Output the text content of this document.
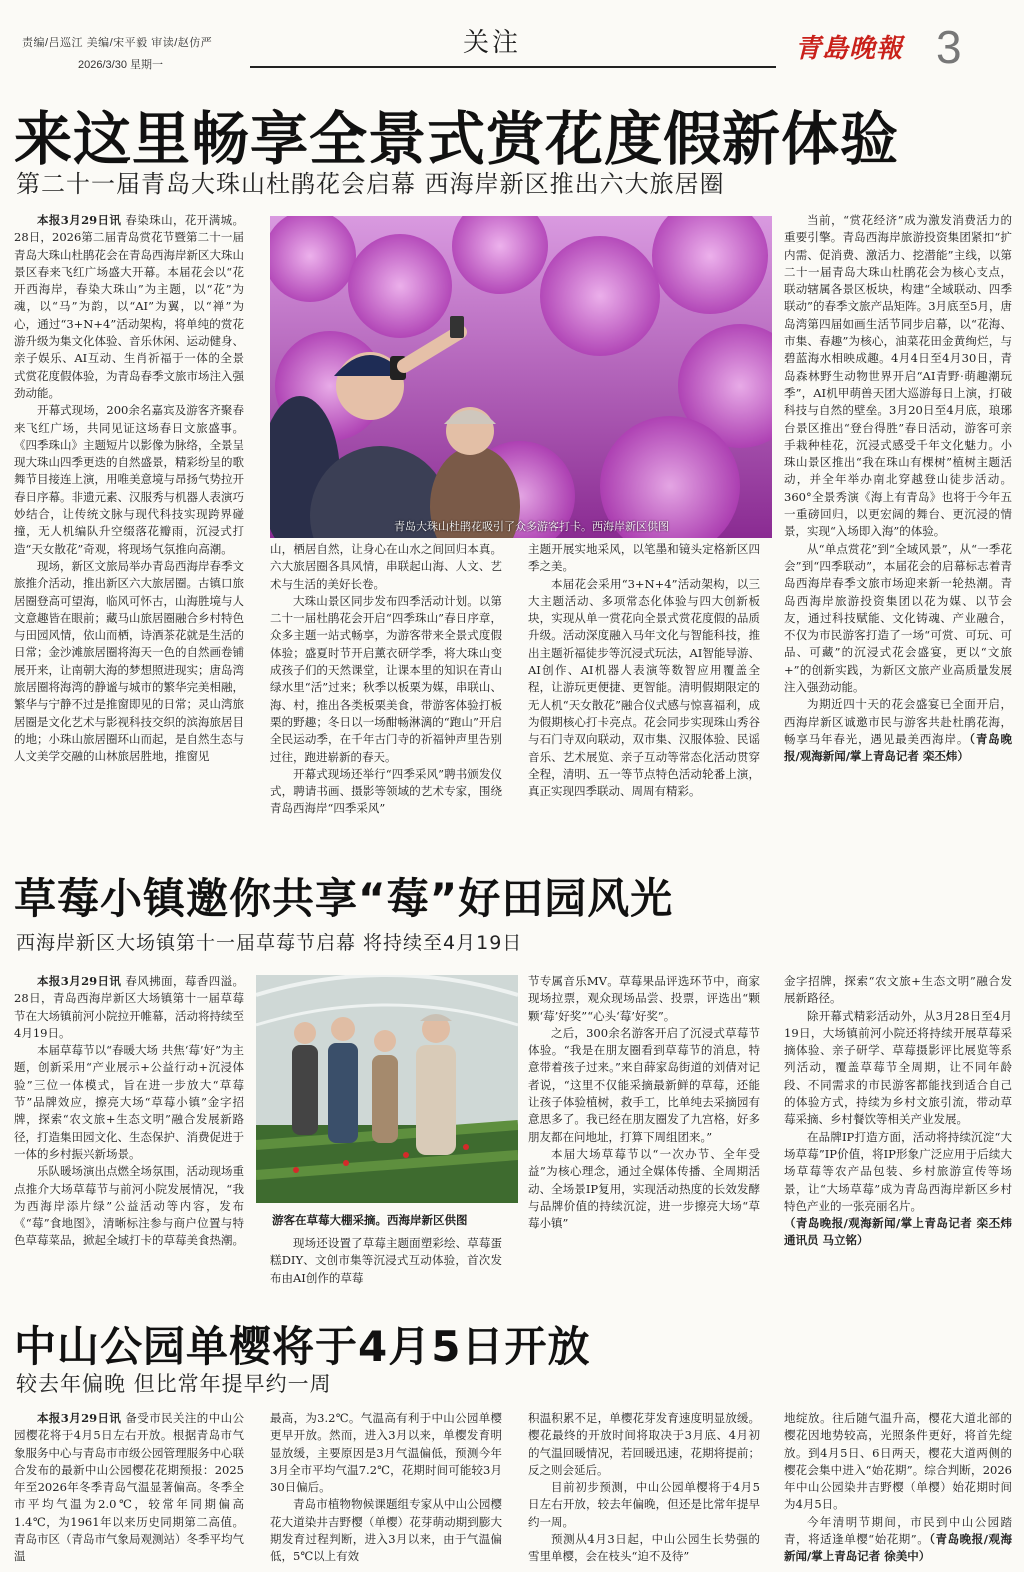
责编/吕巡江 美编/宋平毅 审读/赵仿严
2026/3/30 星期一
关注	青島晚報 3
来这里畅享全景式赏花度假新体验
第二十一届青岛大珠山杜鹃花会启幕 西海岸新区推出六大旅居圈

本报3月29日讯 春染珠山，花开满城。28日，2026第二届青岛赏花节暨第二十一届青岛大珠山杜鹃花会在青岛西海岸新区大珠山景区春来飞红广场盛大开幕。本届花会以“花开西海岸，春染大珠山”为主题，以“花”为魂，以“马”为韵，以“AI”为翼，以“禅”为心，通过“3+N+4”活动架构，将单纯的赏花游升级为集文化体验、音乐休闲、运动健身、亲子娱乐、AI互动、生肖祈福于一体的全景式赏花度假体验，为青岛春季文旅市场注入强劲动能。

开幕式现场，200余名嘉宾及游客齐聚春来飞红广场，共同见证这场春日文旅盛事。《四季珠山》主题短片以影像为脉络，全景呈现大珠山四季更迭的自然盛景，精彩纷呈的歌舞节目接连上演，用唯美意境与昂扬气势拉开春日序幕。非遗元素、汉服秀与机器人表演巧妙结合，让传统文脉与现代科技实现跨界碰撞，无人机编队升空缀落花瓣雨，沉浸式打造“天女散花”奇观，将现场气氛推向高潮。

现场，新区文旅局举办青岛西海岸春季文旅推介活动，推出新区六大旅居圈。古镇口旅居圈登高可望海，临风可怀古，山海胜境与人文意趣皆在眼前；藏马山旅居圈融合乡村特色与田园风情，依山而栖，诗酒茶花就是生活的日常；金沙滩旅居圈将海天一色的自然画卷铺展开来，让南朝大海的梦想照进现实；唐岛湾旅居圈将海湾的静谧与城市的繁华完美相融，繁华与宁静不过是推窗即见的日常；灵山湾旅居圈是文化艺术与影视科技交织的滨海旅居目的地；小珠山旅居圈环山而起，是自然生态与人文美学交融的山林旅居胜地，推窗见

青岛大珠山杜鹃花吸引了众多游客打卡。西海岸新区供图

山，栖居自然，让身心在山水之间回归本真。六大旅居圈各具风情，串联起山海、人文、艺术与生活的美好长卷。

大珠山景区同步发布四季活动计划。以第二十一届杜鹃花会开启“四季珠山”春日序章，众多主题一站式畅享，为游客带来全景式度假体验；盛夏时节开启薰衣研学季，将大珠山变成孩子们的天然课堂，让课本里的知识在青山绿水里“活”过来；秋季以板栗为媒，串联山、海、村，推出各类板栗美食，带游客体验打板栗的野趣；冬日以一场酣畅淋漓的“跑山”开启全民运动季，在千年古门寺的祈福钟声里告别过往，跑进崭新的春天。

开幕式现场还举行“四季采风”聘书颁发仪式，聘请书画、摄影等领域的艺术专家，围绕青岛西海岸“四季采风”

主题开展实地采风，以笔墨和镜头定格新区四季之美。

本届花会采用“3+N+4”活动架构，以三大主题活动、多项常态化体验与四大创新板块，实现从单一赏花向全景式赏花度假的品质升级。活动深度融入马年文化与智能科技，推出主题祈福徒步等沉浸式玩法，AI智能导游、AI创作、AI机器人表演等数智应用覆盖全程，让游玩更便捷、更智能。清明假期限定的无人机“天女散花”融合仪式感与惊喜福利，成为假期核心打卡亮点。花会同步实现珠山秀谷与石门寺双向联动，双市集、汉服体验、民谣音乐、艺术展览、亲子互动等常态化活动贯穿全程，清明、五一等节点特色活动轮番上演，真正实现四季联动、周周有精彩。

当前，“赏花经济”成为激发消费活力的重要引擎。青岛西海岸旅游投资集团紧扣“扩内需、促消费、激活力、挖潜能”主线，以第二十一届青岛大珠山杜鹃花会为核心支点，联动辖属各景区板块，构建“全域联动、四季联动”的春季文旅产品矩阵。3月底至5月，唐岛湾第四届如画生活节同步启幕，以“花海、市集、春趣”为核心，油菜花田金黄绚烂，与碧蓝海水相映成趣。4月4日至4月30日，青岛森林野生动物世界开启“AI青野·萌趣潮玩季”，AI机甲萌兽天团大巡游每日上演，打破科技与自然的壁垒。3月20日至4月底，琅琊台景区推出“登台得胜”春日活动，游客可亲手栽种桂花，沉浸式感受千年文化魅力。小珠山景区推出“我在珠山有棵树”植树主题活动，并全年举办南北穿越登山徒步活动。360°全景秀演《海上有青岛》也将于今年五一重磅回归，以更宏阔的舞台、更沉浸的情景，实现“入场即入海”的体验。

从“单点赏花”到“全域风景”，从“一季花会”到“四季联动”，本届花会的启幕标志着青岛西海岸春季文旅市场迎来新一轮热潮。青岛西海岸旅游投资集团以花为媒、以节会友，通过科技赋能、文化铸魂、产业融合，不仅为市民游客打造了一场“可赏、可玩、可品、可藏”的沉浸式花会盛宴，更以“文旅+”的创新实践，为新区文旅产业高质量发展注入强劲动能。

为期近四十天的花会盛宴已全面开启，西海岸新区诚邀市民与游客共赴杜鹃花海，畅享马年春光，遇见最美西海岸。（青岛晚报/观海新闻/掌上青岛记者 栾丕炜）

草莓小镇邀你共享“莓”好田园风光
西海岸新区大场镇第十一届草莓节启幕 将持续至4月19日

本报3月29日讯 春风拂面，莓香四溢。28日，青岛西海岸新区大场镇第十一届草莓节在大场镇前河小院拉开帷幕，活动将持续至4月19日。

本届草莓节以“春暖大场 共焦‘莓’好”为主题，创新采用“产业展示+公益行动+沉浸体验”三位一体模式，旨在进一步放大“草莓节”品牌效应，擦亮大场“草莓小镇”金字招牌，探索“农文旅+生态文明”融合发展新路径，打造集田园文化、生态保护、消费促进于一体的乡村振兴新场景。

乐队暖场演出点燃全场氛围，活动现场重点推介大场草莓节与前河小院发展情况，“我为西海岸添片绿”公益活动等内容，发布《“莓”食地图》，清晰标注参与商户位置与特色草莓菜品，掀起全域打卡的草莓美食热潮。

游客在草莓大棚采摘。西海岸新区供图

现场还设置了草莓主题面塑彩绘、草莓蛋糕DIY、文创市集等沉浸式互动体验，首次发布由AI创作的草莓

节专属音乐MV。草莓果品评选环节中，商家现场拉票，观众现场品尝、投票，评选出“颗颗‘莓’好奖”“心头‘莓’好奖”。

之后，300余名游客开启了沉浸式草莓节体验。“我是在朋友圈看到草莓节的消息，特意带着孩子过来。”来自薛家岛街道的刘倩对记者说，“这里不仅能采摘最新鲜的草莓，还能让孩子体验植树，救手工，比单纯去采摘园有意思多了。我已经在朋友圈发了九宫格，好多朋友都在问地址，打算下周组团来。”

本届大场草莓节以“一次办节、全年受益”为核心理念，通过全媒体传播、全周期活动、全场景IP复用，实现活动热度的长效发酵与品牌价值的持续沉淀，进一步擦亮大场“草莓小镇”

金字招牌，探索“农文旅+生态文明”融合发展新路径。

除开幕式精彩活动外，从3月28日至4月19日，大场镇前河小院还将持续开展草莓采摘体验、亲子研学、草莓摄影评比展览等系列活动，覆盖草莓节全周期，让不同年龄段、不同需求的市民游客都能找到适合自己的体验方式，持续为乡村文旅引流，带动草莓采摘、乡村餐饮等相关产业发展。

在品牌IP打造方面，活动将持续沉淀“大场草莓”IP价值，将IP形象广泛应用于后续大场草莓等农产品包装、乡村旅游宣传等场景，让“大场草莓”成为青岛西海岸新区乡村特色产业的一张亮丽名片。

（青岛晚报/观海新闻/掌上青岛记者 栾丕炜 通讯员 马立铭）

中山公园单樱将于4月5日开放
较去年偏晚 但比常年提早约一周

本报3月29日讯 备受市民关注的中山公园樱花将于4月5日左右开放。根据青岛市气象服务中心与青岛市市级公园管理服务中心联合发布的最新中山公园樱花花期预报：2025年至2026年冬季青岛气温显著偏高。冬季全市平均气温为2.0℃，较常年同期偏高1.4℃，为1961年以来历史同期第二高值。青岛市区（青岛市气象局观测站）冬季平均气温

最高，为3.2℃。气温高有利于中山公园单樱更早开放。然而，进入3月以来，单樱发育明显放缓，主要原因是3月气温偏低，预测今年3月全市平均气温7.2℃，花期时间可能较3月30日偏后。

青岛市植物物候课题组专家从中山公园樱花大道染井吉野樱（单樱）花芽萌动期到膨大期发育过程判断，进入3月以来，由于气温偏低，5℃以上有效

积温积累不足，单樱花芽发育速度明显放缓。樱花最终的开放时间将取决于3月底、4月初的气温回暖情况，若回暖迅速，花期将提前；反之则会延后。

目前初步预测，中山公园单樱将于4月5日左右开放，较去年偏晚，但还是比常年提早约一周。

预测从4月3日起，中山公园生长势强的雪里单樱，会在枝头“迫不及待”

地绽放。往后随气温升高，樱花大道北部的樱花因地势较高，光照条件更好，将首先绽放。到4月5日、6日两天，樱花大道两侧的樱花会集中进入“始花期”。综合判断，2026年中山公园染井吉野樱（单樱）始花期时间为4月5日。

今年清明节期间，市民到中山公园踏青，将适逢单樱“始花期”。（青岛晚报/观海新闻/掌上青岛记者 徐美中）
